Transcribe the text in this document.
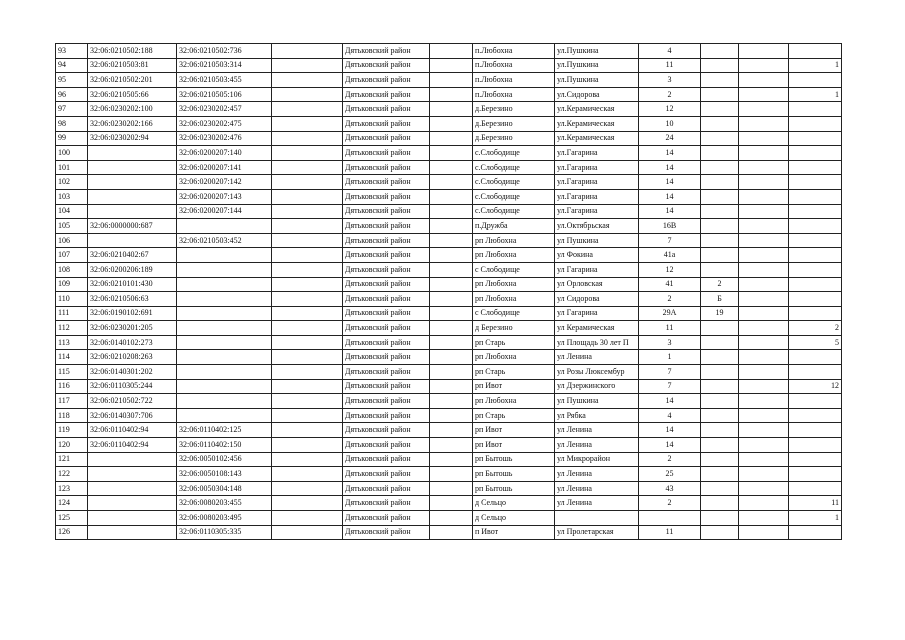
93	32:06:0210502:188	32:06:0210502:736		Дятьковский район		п.Любохна	ул.Пушкина	4			
94	32:06:0210503:81	32:06:0210503:314		Дятьковский район		п.Любохна	ул.Пушкина	11			1
95	32:06:0210502:201	32:06:0210503:455		Дятьковский район		п.Любохна	ул.Пушкина	3			
96	32:06:0210505:66	32:06:0210505:106		Дятьковский район		п.Любохна	ул.Сидорова	2			1
97	32:06:0230202:100	32:06:0230202:457		Дятьковский район		д.Березино	ул.Керамическая	12			
98	32:06:0230202:166	32:06:0230202:475		Дятьковский район		д.Березино	ул.Керамическая	10			
99	32:06:0230202:94	32:06:0230202:476		Дятьковский район		д.Березино	ул.Керамическая	24			
100		32:06:0200207:140		Дятьковский район		с.Слободище	ул.Гагарина	14			
101		32:06:0200207:141		Дятьковский район		с.Слободище	ул.Гагарина	14			
102		32:06:0200207:142		Дятьковский район		с.Слободище	ул.Гагарина	14			
103		32:06:0200207:143		Дятьковский район		с.Слободище	ул.Гагарина	14			
104		32:06:0200207:144		Дятьковский район		с.Слободище	ул.Гагарина	14			
105	32:06:0000000:687			Дятьковский район		п.Дружба	ул.Октябрьская	16В			
106		32:06:0210503:452		Дятьковский район		рп Любохна	ул Пушкина	7			
107	32:06:0210402:67			Дятьковский район		рп Любохна	ул Фокина	41а			
108	32:06:0200206:189			Дятьковский район		с Слободище	ул Гагарина	12			
109	32:06:0210101:430			Дятьковский район		рп Любохна	ул Орловская	41	2		
110	32:06:0210506:63			Дятьковский район		рп Любохна	ул Сидорова	2	Б		
111	32:06:0190102:691			Дятьковский район		с Слободище	ул Гагарина	29А	19		
112	32:06:0230201:205			Дятьковский район		д Березино	ул Керамическая	11			2
113	32:06:0140102:273			Дятьковский район		рп Старь	ул Площадь 30 лет П	3			5
114	32:06:0210208:263			Дятьковский район		рп Любохна	ул Ленина	1			
115	32:06:0140301:202			Дятьковский район		рп Старь	ул Розы Люксембур	7			
116	32:06:0110305:244			Дятьковский район		рп Ивот	ул Дзержинского	7			12
117	32:06:0210502:722			Дятьковский район		рп Любохна	ул Пушкина	14			
118	32:06:0140307:706			Дятьковский район		рп Старь	ул Рябка	4			
119	32:06:0110402:94	32:06:0110402:125		Дятьковский район		рп Ивот	ул Ленина	14			
120	32:06:0110402:94	32:06:0110402:150		Дятьковский район		рп Ивот	ул Ленина	14			
121		32:06:0050102:456		Дятьковский район		рп Бытошь	ул Микрорайон	2			
122		32:06:0050108:143		Дятьковский район		рп Бытошь	ул Ленина	25			
123		32:06:0050304:148		Дятьковский район		рп Бытошь	ул Ленина	43			
124		32:06:0080203:455		Дятьковский район		д Сельцо	ул Ленина	2			11
125		32:06:0080203:495		Дятьковский район		д Сельцо					1
126		32:06:0110305:335		Дятьковский район		п Ивот	ул Пролетарская	11			
